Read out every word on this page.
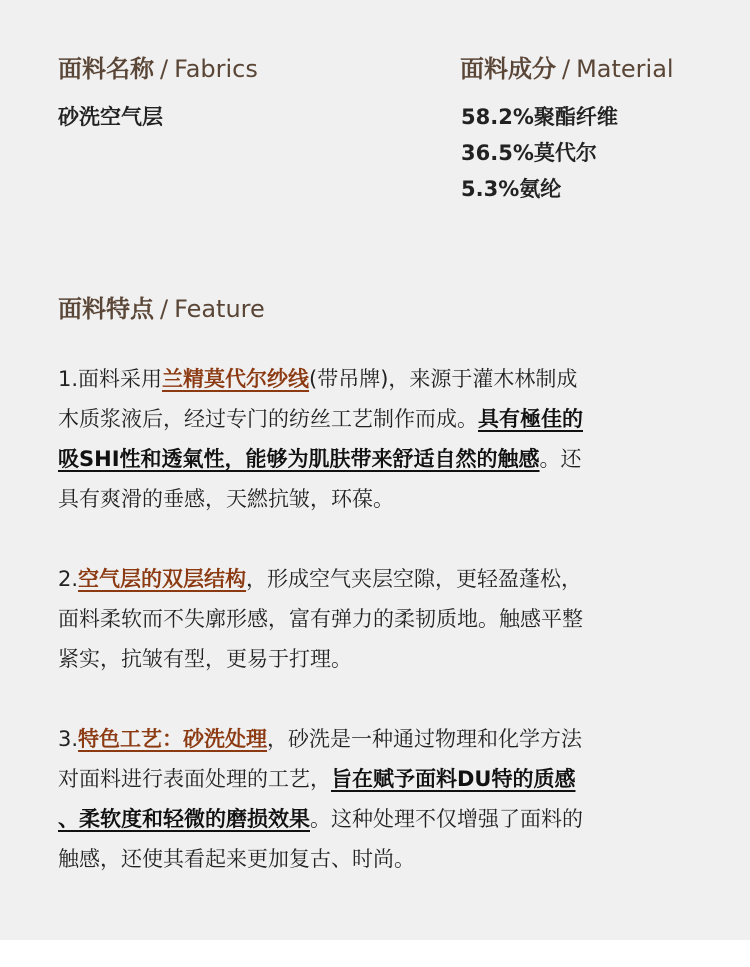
面料名称 / Fabrics
砂洗空气层
面料成分 / Material
58.2%聚酯纤维
36.5%莫代尔
5.3%氨纶
面料特点 / Feature
1.面料采用兰精莫代尔纱线(带吊牌)，来源于灌木林制成
木质浆液后，经过专门的纺丝工艺制作而成。具有極佳的
吸SHI性和透氣性，能够为肌肤带来舒适自然的触感。还
具有爽滑的垂感，天繎抗皱，环葆。
2.空气层的双层结构，形成空气夹层空隙，更轻盈蓬松，
面料柔软而不失廓形感，富有弹力的柔韧质地。触感平整
紧实，抗皱有型，更易于打理。
3.特色工艺：砂洗处理，砂洗是一种通过物理和化学方法
对面料进行表面处理的工艺，旨在赋予面料DU特的质感
、柔软度和轻微的磨损效果。这种处理不仅增强了面料的
触感，还使其看起来更加复古、时尚。
